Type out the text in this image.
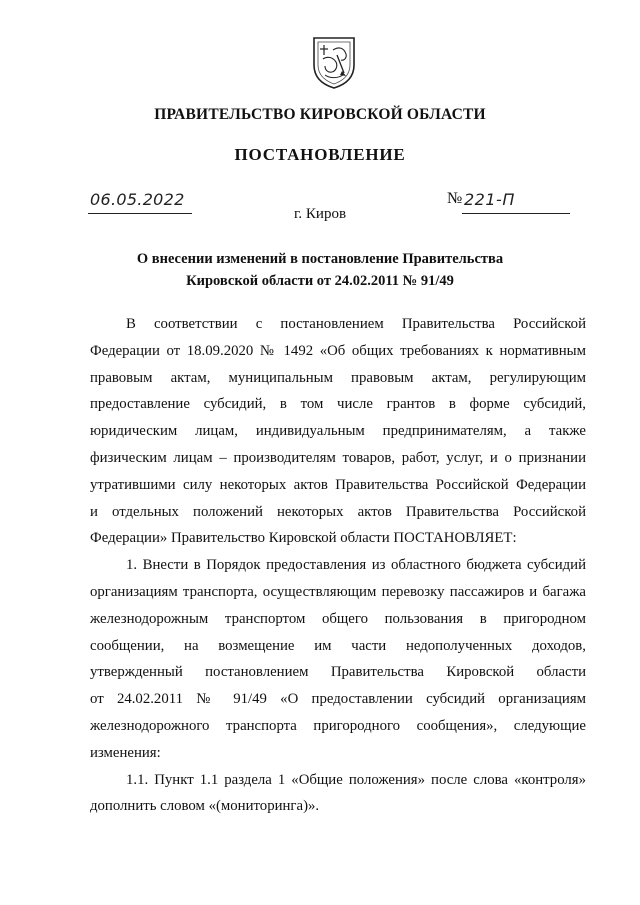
ПРАВИТЕЛЬСТВО КИРОВСКОЙ ОБЛАСТИ
ПОСТАНОВЛЕНИЕ
06.05.2022	№ 221-П
г. Киров
О внесении изменений в постановление Правительства
Кировской области от 24.02.2011 № 91/49
В соответствии с постановлением Правительства Российской
Федерации от 18.09.2020 № 1492 «Об общих требованиях к нормативным
правовым актам, муниципальным правовым актам, регулирующим
предоставление субсидий, в том числе грантов в форме субсидий,
юридическим лицам, индивидуальным предпринимателям, а также
физическим лицам – производителям товаров, работ, услуг, и о признании
утратившими силу некоторых актов Правительства Российской Федерации
и отдельных положений некоторых актов Правительства Российской
Федерации» Правительство Кировской области ПОСТАНОВЛЯЕТ:
1. Внести в Порядок предоставления из областного бюджета субсидий
организациям транспорта, осуществляющим перевозку пассажиров и багажа
железнодорожным транспортом общего пользования в пригородном
сообщении, на возмещение им части недополученных доходов,
утвержденный постановлением Правительства Кировской области
от 24.02.2011 № 91/49 «О предоставлении субсидий организациям
железнодорожного транспорта пригородного сообщения», следующие
изменения:
1.1. Пункт 1.1 раздела 1 «Общие положения» после слова «контроля»
дополнить словом «(мониторинга)».
